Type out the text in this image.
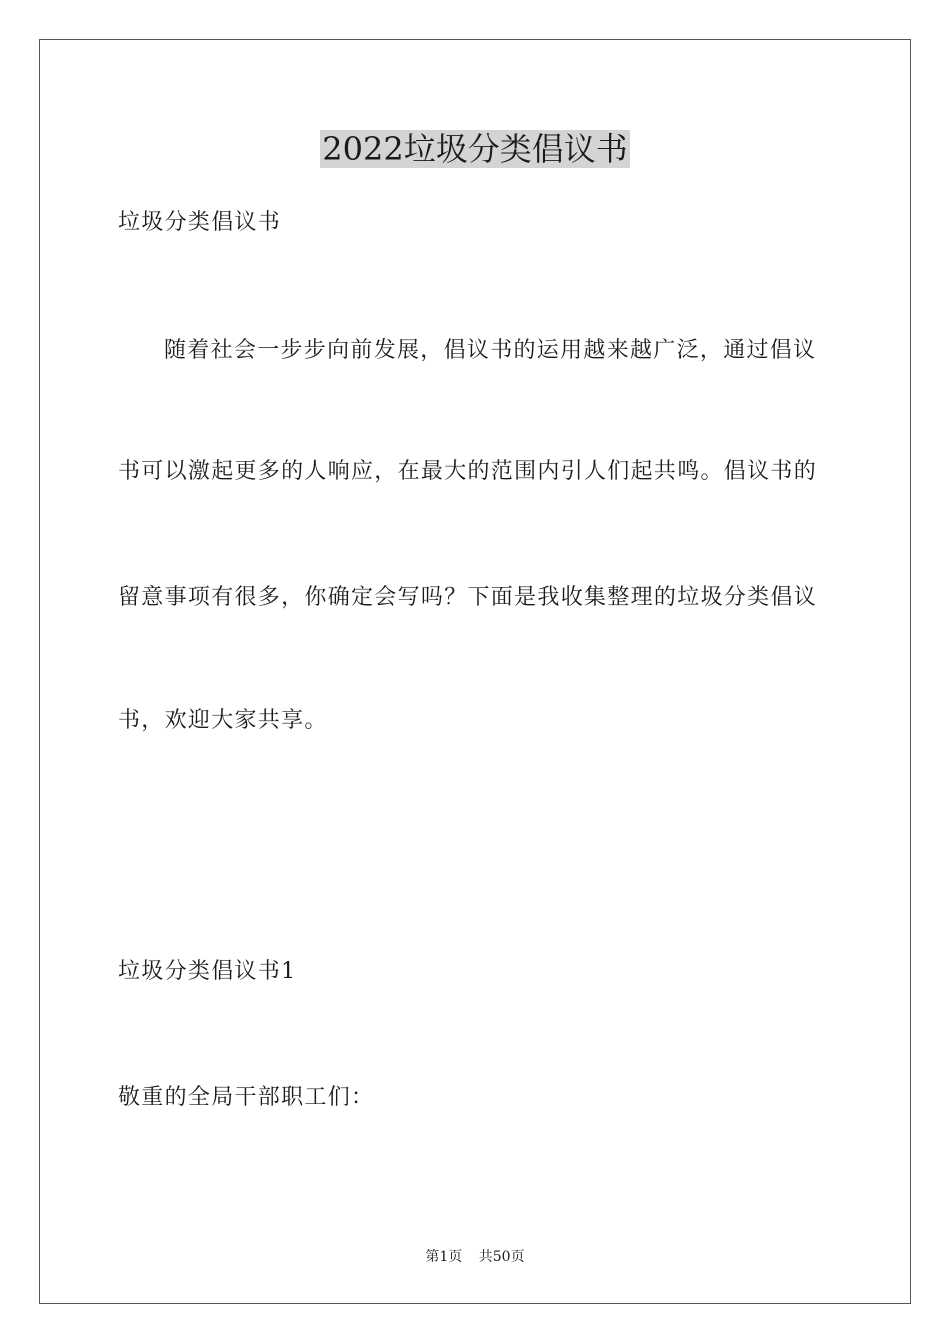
2022垃圾分类倡议书
垃圾分类倡议书
随着社会一步步向前发展，倡议书的运用越来越广泛，通过倡议
书可以激起更多的人响应，在最大的范围内引人们起共鸣。倡议书的
留意事项有很多，你确定会写吗？下面是我收集整理的垃圾分类倡议
书，欢迎大家共享。
垃圾分类倡议书1
敬重的全局干部职工们：
第1页 共50页
